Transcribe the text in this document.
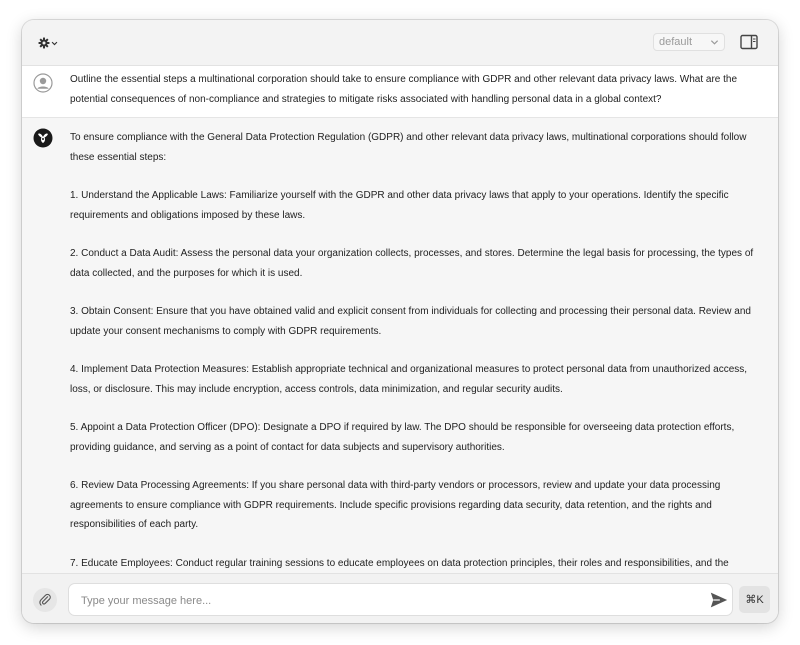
default
Outline the essential steps a multinational corporation should take to ensure compliance with GDPR and other relevant data privacy laws. What are the potential consequences of non-compliance and strategies to mitigate risks associated with handling personal data in a global context?

To ensure compliance with the General Data Protection Regulation (GDPR) and other relevant data privacy laws, multinational corporations should follow these essential steps:

1. Understand the Applicable Laws: Familiarize yourself with the GDPR and other data privacy laws that apply to your operations. Identify the specific requirements and obligations imposed by these laws.

2. Conduct a Data Audit: Assess the personal data your organization collects, processes, and stores. Determine the legal basis for processing, the types of data collected, and the purposes for which it is used.

3. Obtain Consent: Ensure that you have obtained valid and explicit consent from individuals for collecting and processing their personal data. Review and update your consent mechanisms to comply with GDPR requirements.

4. Implement Data Protection Measures: Establish appropriate technical and organizational measures to protect personal data from unauthorized access, loss, or disclosure. This may include encryption, access controls, data minimization, and regular security audits.

5. Appoint a Data Protection Officer (DPO): Designate a DPO if required by law. The DPO should be responsible for overseeing data protection efforts, providing guidance, and serving as a point of contact for data subjects and supervisory authorities.

6. Review Data Processing Agreements: If you share personal data with third-party vendors or processors, review and update your data processing agreements to ensure compliance with GDPR requirements. Include specific provisions regarding data security, data retention, and the rights and responsibilities of each party.

7. Educate Employees: Conduct regular training sessions to educate employees on data protection principles, their roles and responsibilities, and the

Type your message here...
⌘K
